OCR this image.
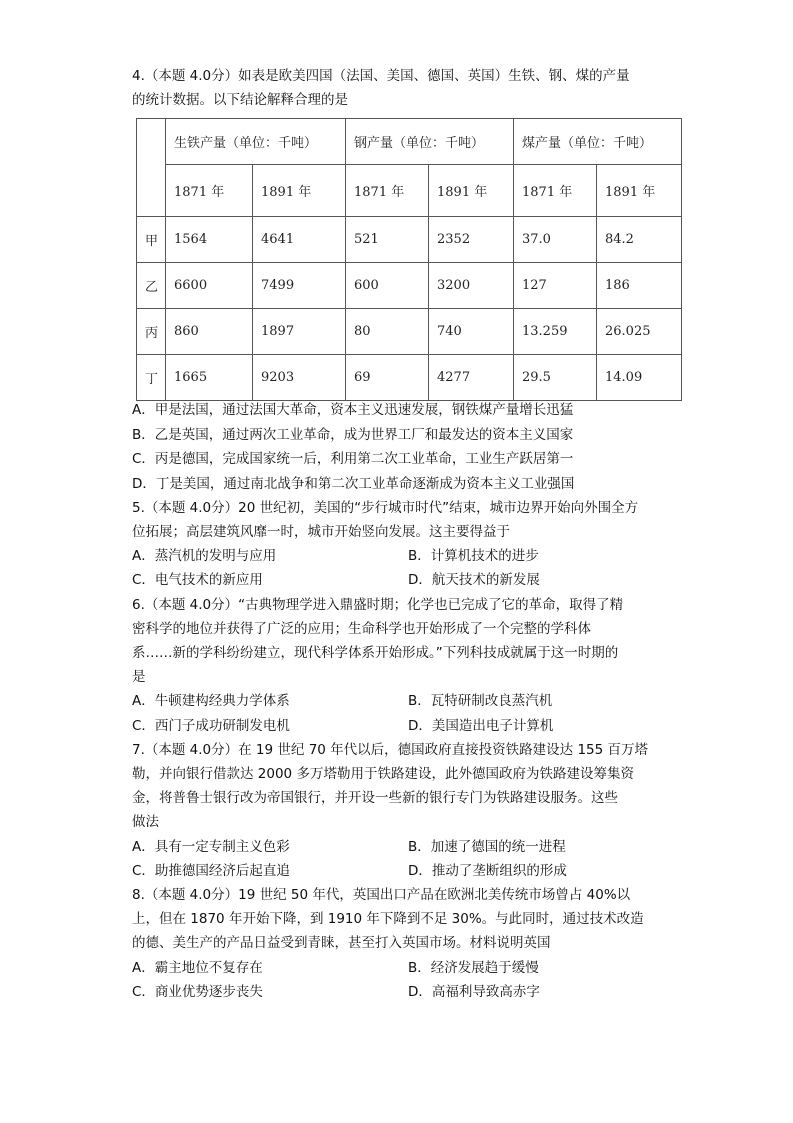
4.（本题 4.0分）如表是欧美四国（法国、美国、德国、英国）生铁、钢、煤的产量
的统计数据。以下结论解释合理的是
	生铁产量（单位：千吨）		钢产量（单位：千吨）		煤产量（单位：千吨）	
	1871 年	1891 年	1871 年	1891 年	1871 年	1891 年
甲	1564	4641	521	2352	37.0	84.2
乙	6600	7499	600	3200	127	186
丙	860	1897	80	740	13.259	26.025
丁	1665	9203	69	4277	29.5	14.09
A．甲是法国，通过法国大革命，资本主义迅速发展，钢铁煤产量增长迅猛
B．乙是英国，通过两次工业革命，成为世界工厂和最发达的资本主义国家
C．丙是德国，完成国家统一后，利用第二次工业革命，工业生产跃居第一
D．丁是美国，通过南北战争和第二次工业革命逐渐成为资本主义工业强国
5.（本题 4.0分）20 世纪初，美国的“步行城市时代”结束，城市边界开始向外围全方
位拓展；高层建筑风靡一时，城市开始竖向发展。这主要得益于
A．蒸汽机的发明与应用	B．计算机技术的进步
C．电气技术的新应用	D．航天技术的新发展
6.（本题 4.0分）“古典物理学进入鼎盛时期；化学也已完成了它的革命，取得了精
密科学的地位并获得了广泛的应用；生命科学也开始形成了一个完整的学科体
系……新的学科纷纷建立，现代科学体系开始形成。”下列科技成就属于这一时期的
是
A．牛顿建构经典力学体系	B．瓦特研制改良蒸汽机
C．西门子成功研制发电机	D．美国造出电子计算机
7.（本题 4.0分）在 19 世纪 70 年代以后，德国政府直接投资铁路建设达 155 百万塔
勒，并向银行借款达 2000 多万塔勒用于铁路建设，此外德国政府为铁路建设筹集资
金，将普鲁士银行改为帝国银行，并开设一些新的银行专门为铁路建设服务。这些
做法
A．具有一定专制主义色彩	B．加速了德国的统一进程
C．助推德国经济后起直追	D．推动了垄断组织的形成
8.（本题 4.0分）19 世纪 50 年代，英国出口产品在欧洲北美传统市场曾占 40%以
上，但在 1870 年开始下降，到 1910 年下降到不足 30%。与此同时，通过技术改造
的德、美生产的产品日益受到青睐，甚至打入英国市场。材料说明英国
A．霸主地位不复存在	B．经济发展趋于缓慢
C．商业优势逐步丧失	D．高福利导致高赤字
